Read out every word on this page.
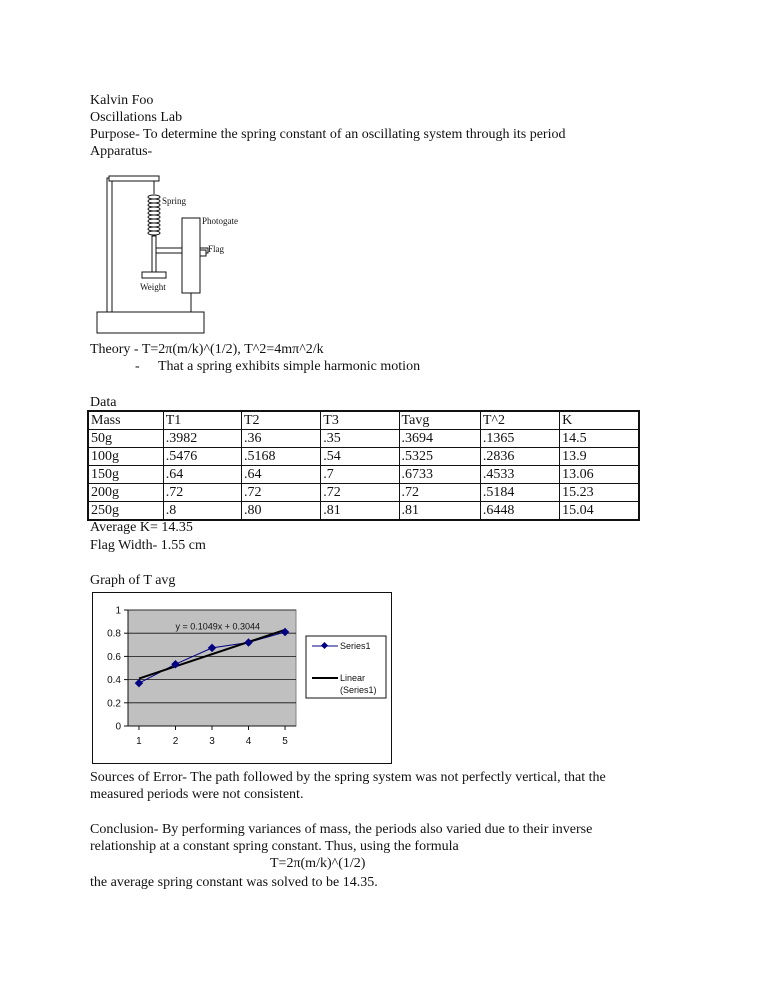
Kalvin Foo
Oscillations Lab
Purpose- To determine the spring constant of an oscillating system through its period
Apparatus-
Spring
Photogate
Flag
Weight
Theory - T=2π(m/k)^(1/2), T^2=4mπ^2/k
- That a spring exhibits simple harmonic motion
Data
Mass	T1	T2	T3	Tavg	T^2	K
50g	.3982	.36	.35	.3694	.1365	14.5
100g	.5476	.5168	.54	.5325	.2836	13.9
150g	.64	.64	.7	.6733	.4533	13.06
200g	.72	.72	.72	.72	.5184	15.23
250g	.8	.80	.81	.81	.6448	15.04
Average K= 14.35
Flag Width- 1.55 cm
Graph of T avg
0
0.2
0.4
0.6
0.8
1
1	2	3	4	5
y = 0.1049x + 0.3044
Series1
Linear
(Series1)
Sources of Error- The path followed by the spring system was not perfectly vertical, that the
measured periods were not consistent.
Conclusion- By performing variances of mass, the periods also varied due to their inverse
relationship at a constant spring constant. Thus, using the formula
T=2π(m/k)^(1/2)
the average spring constant was solved to be 14.35.
